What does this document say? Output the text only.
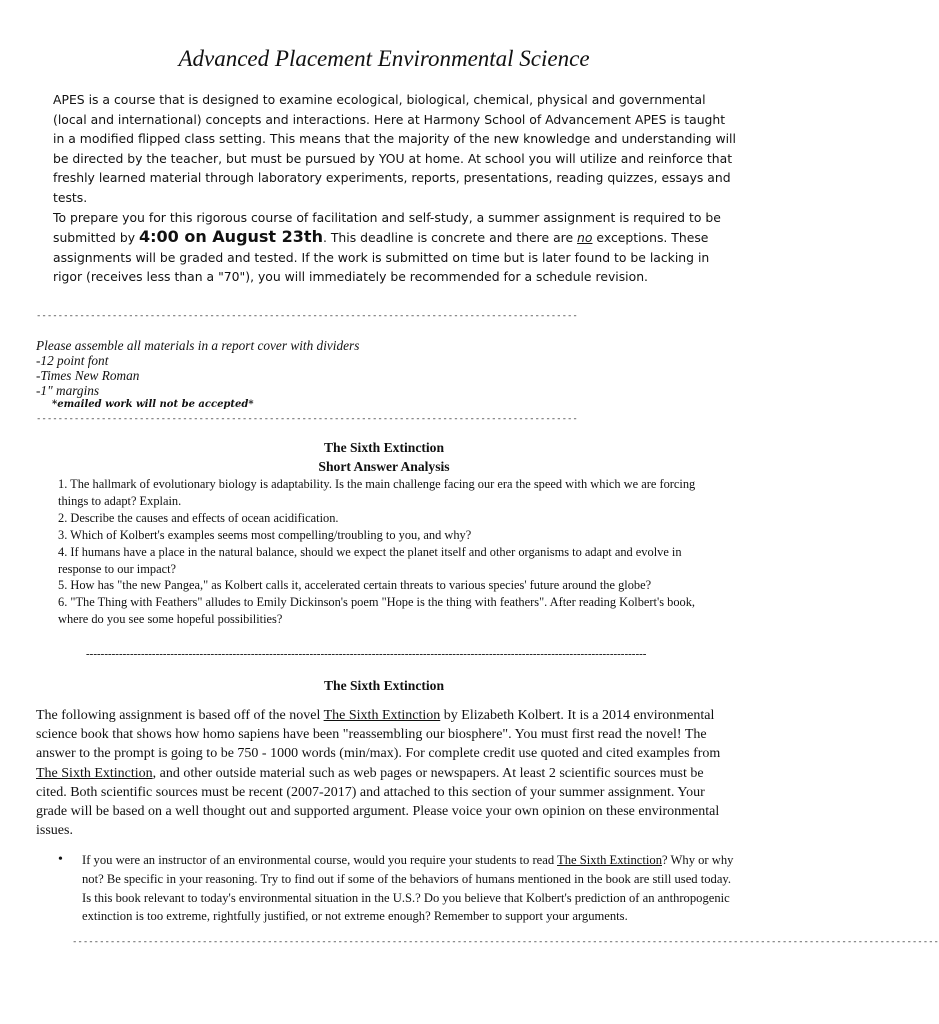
Advanced Placement Environmental Science

APES is a course that is designed to examine ecological, biological, chemical, physical and governmental (local and international) concepts and interactions. Here at Harmony School of Advancement APES is taught in a modified flipped class setting. This means that the majority of the new knowledge and understanding will be directed by the teacher, but must be pursued by YOU at home. At school you will utilize and reinforce that freshly learned material through laboratory experiments, reports, presentations, reading quizzes, essays and tests.

To prepare you for this rigorous course of facilitation and self-study, a summer assignment is required to be submitted by 4:00 on August 23th. This deadline is concrete and there are no exceptions. These assignments will be graded and tested. If the work is submitted on time but is later found to be lacking in rigor (receives less than a "70"), you will immediately be recommended for a schedule revision.

----------------------------------------------------------------------------------------------------
Please assemble all materials in a report cover with dividers
-12 point font
-Times New Roman
-1" margins
*emailed work will not be accepted*
----------------------------------------------------------------------------------------------------
The Sixth Extinction
Short Answer Analysis
1. The hallmark of evolutionary biology is adaptability. Is the main challenge facing our era the speed with which we are forcing things to adapt? Explain.
2. Describe the causes and effects of ocean acidification.
3. Which of Kolbert's examples seems most compelling/troubling to you, and why?
4. If humans have a place in the natural balance, should we expect the planet itself and other organisms to adapt and evolve in response to our impact?
5. How has "the new Pangea," as Kolbert calls it, accelerated certain threats to various species' future around the globe?
6. "The Thing with Feathers" alludes to Emily Dickinson's poem "Hope is the thing with feathers". After reading Kolbert's book, where do you see some hopeful possibilities?
---------------------------------------------------------------------------------------------------------------------------------------------------------
The Sixth Extinction

The following assignment is based off of the novel The Sixth Extinction by Elizabeth Kolbert. It is a 2014 environmental science book that shows how homo sapiens have been "reassembling our biosphere". You must first read the novel! The answer to the prompt is going to be 750 - 1000 words (min/max). For complete credit use quoted and cited examples from The Sixth Extinction, and other outside material such as web pages or newspapers. At least 2 scientific sources must be cited. Both scientific sources must be recent (2007-2017) and attached to this section of your summer assignment. Your grade will be based on a well thought out and supported argument. Please voice your own opinion on these environmental issues.

• If you were an instructor of an environmental course, would you require your students to read The Sixth Extinction? Why or why not? Be specific in your reasoning. Try to find out if some of the behaviors of humans mentioned in the book are still used today. Is this book relevant to today's environmental situation in the U.S.? Do you believe that Kolbert's prediction of an anthropogenic extinction is too extreme, rightfully justified, or not extreme enough? Remember to support your arguments.
----------------------------------------------------------------------------------------------------------------------------------------------------------------
